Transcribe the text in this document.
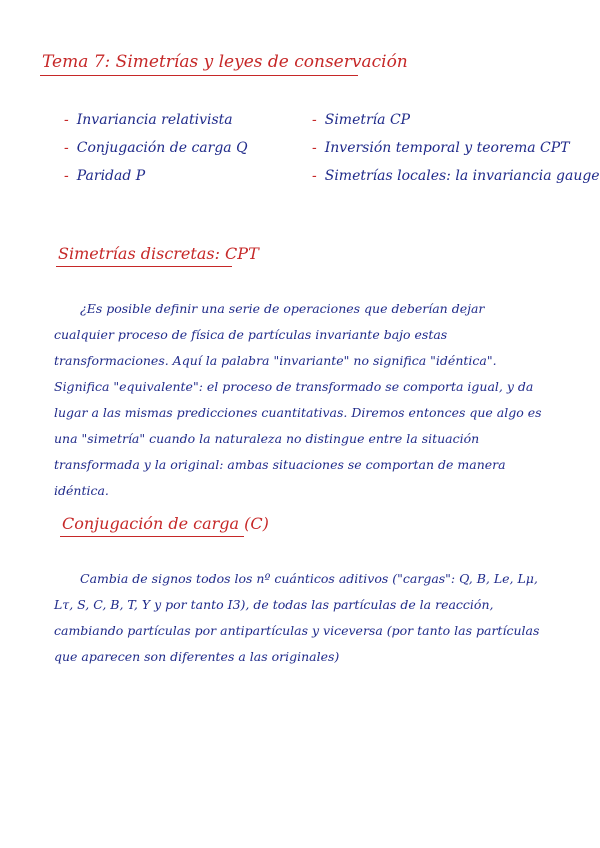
Tema 7: Simetrías y leyes de conservación
- Invariancia relativista
- Conjugación de carga Q
- Paridad P
- Simetría CP
- Inversión temporal y teorema CPT
- Simetrías locales: la invariancia gauge
Simetrías discretas: CPT

¿Es posible definir una serie de operaciones que deberían dejar cualquier proceso de física de partículas invariante bajo estas transformaciones. Aquí la palabra "invariante" no significa "idéntica". Significa "equivalente": el proceso de transformado se comporta igual, y da lugar a las mismas predicciones cuantitativas. Diremos entonces que algo es una "simetría" cuando la naturaleza no distingue entre la situación transformada y la original: ambas situaciones se comportan de manera idéntica.

Conjugación de carga (C)

Cambia de signos todos los nº cuánticos aditivos ("cargas": Q, B, Le, Lμ, Lτ, S, C, B, T, Y y por tanto I3), de todas las partículas de la reacción, cambiando partículas por antipartículas y viceversa (por tanto las partículas que aparecen son diferentes a las originales)
